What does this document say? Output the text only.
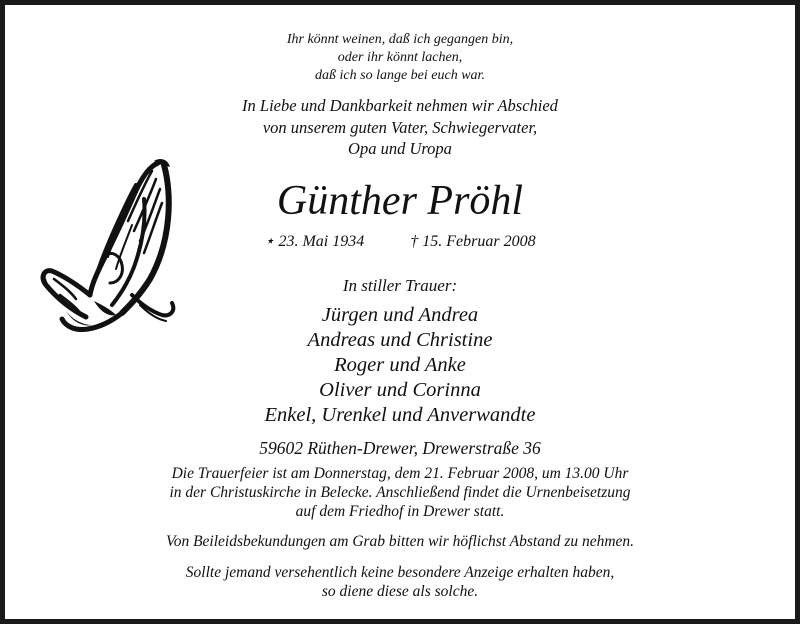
Ihr könnt weinen, daß ich gegangen bin,
oder ihr könnt lachen,
daß ich so lange bei euch war.
In Liebe und Dankbarkeit nehmen wir Abschied
von unserem guten Vater, Schwiegervater,
Opa und Uropa
Günther Pröhl
⋆ 23. Mai 1934	† 15. Februar 2008
In stiller Trauer:
Jürgen und Andrea
Andreas und Christine
Roger und Anke
Oliver und Corinna
Enkel, Urenkel und Anverwandte
59602 Rüthen-Drewer, Drewerstraße 36
Die Trauerfeier ist am Donnerstag, dem 21. Februar 2008, um 13.00 Uhr
in der Christuskirche in Belecke. Anschließend findet die Urnenbeisetzung
auf dem Friedhof in Drewer statt.
Von Beileidsbekundungen am Grab bitten wir höflichst Abstand zu nehmen.
Sollte jemand versehentlich keine besondere Anzeige erhalten haben,
so diene diese als solche.
